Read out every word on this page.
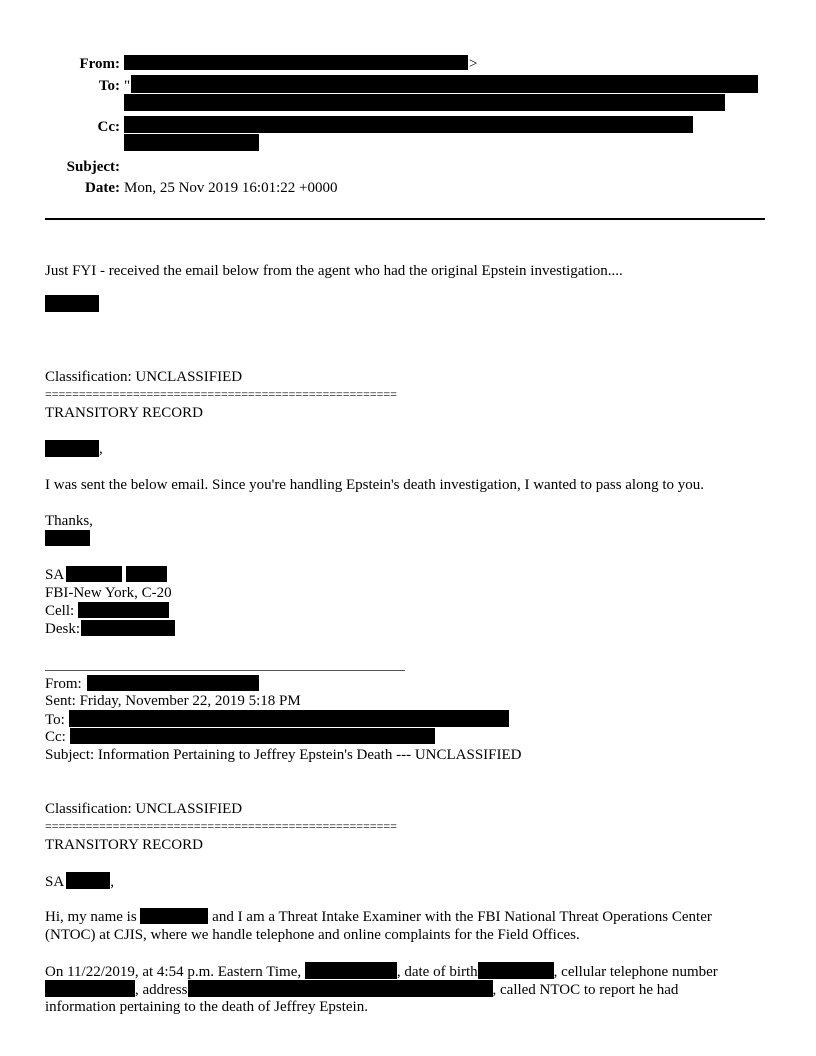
From:	>
To: "
Cc:
Subject:
Date: Mon, 25 Nov 2019 16:01:22 +0000
Just FYI - received the email below from the agent who had the original Epstein investigation....
Classification: UNCLASSIFIED
====================================================
TRANSITORY RECORD
,
I was sent the below email. Since you're handling Epstein's death investigation, I wanted to pass along to you.
Thanks,
SA
FBI-New York, C-20
Cell:
Desk:
From:
Sent: Friday, November 22, 2019 5:18 PM
To:
Cc:
Subject: Information Pertaining to Jeffrey Epstein's Death --- UNCLASSIFIED
Classification: UNCLASSIFIED
====================================================
TRANSITORY RECORD
SA	,
Hi, my name is	and I am a Threat Intake Examiner with the FBI National Threat Operations Center
(NTOC) at CJIS, where we handle telephone and online complaints for the Field Offices.
On 11/22/2019, at 4:54 p.m. Eastern Time,	, date of birth	, cellular telephone number
, address	, called NTOC to report he had
information pertaining to the death of Jeffrey Epstein.
